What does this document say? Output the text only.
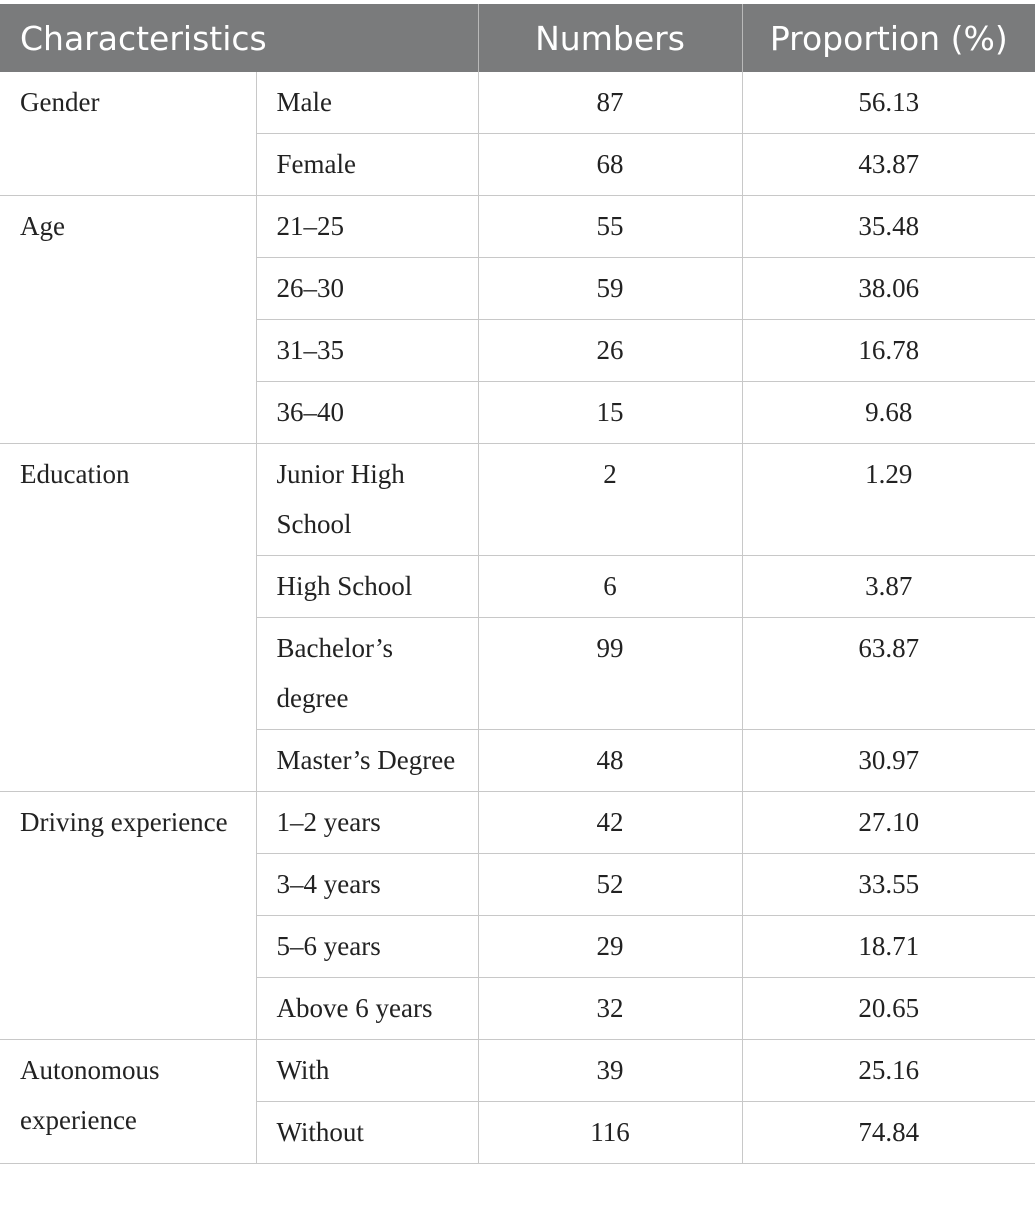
Characteristics		Numbers	Proportion (%)
Gender	Male	87	56.13
	Female	68	43.87
Age	21–25	55	35.48
	26–30	59	38.06
	31–35	26	16.78
	36–40	15	9.68
Education	Junior High School	2	1.29
	High School	6	3.87
	Bachelor’s degree	99	63.87
	Master’s Degree	48	30.97
Driving experience	1–2 years	42	27.10
	3–4 years	52	33.55
	5–6 years	29	18.71
	Above 6 years	32	20.65
Autonomous experience	With	39	25.16
	Without	116	74.84
